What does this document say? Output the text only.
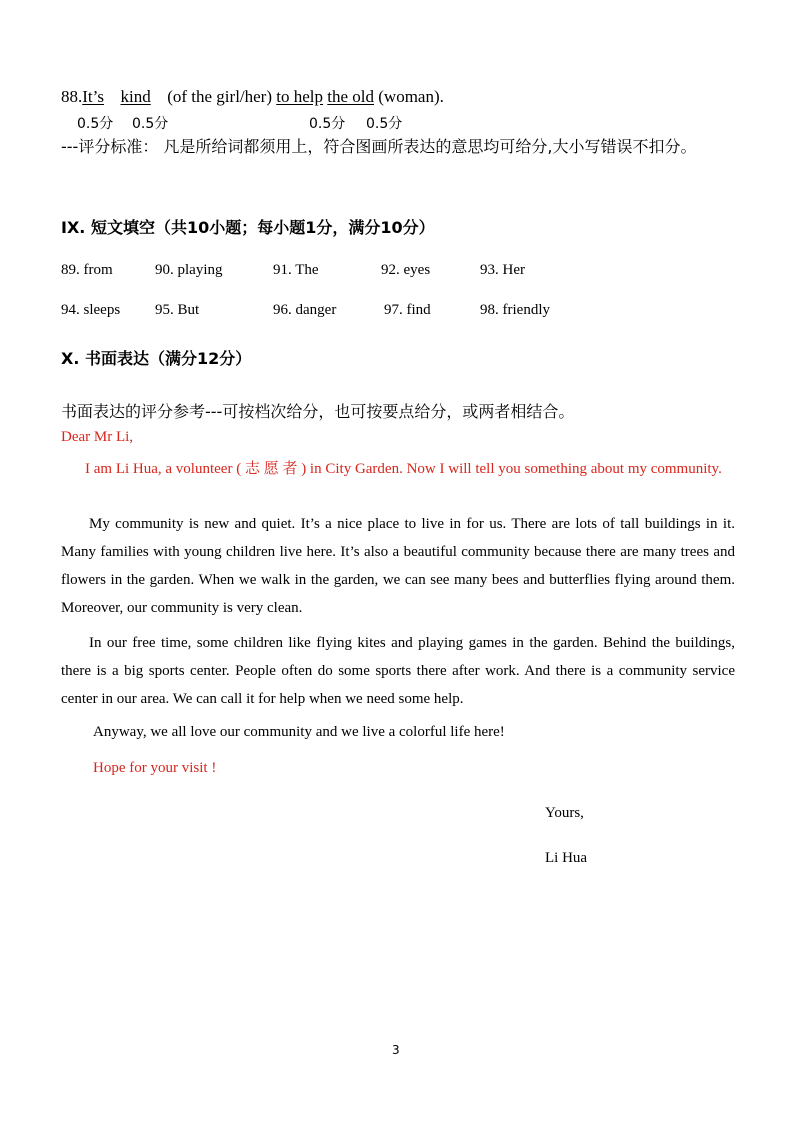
88.It’s kind (of the girl/her) to help the old (woman).
0.5分 0.5分	0.5分 0.5分
---评分标准： 凡是所给词都须用上，符合图画所表达的意思均可给分,大小写错误不扣分。
IX. 短文填空（共10小题；每小题1分，满分10分）
89. from	90. playing	91. The	92. eyes	93. Her
94. sleeps 95. But	96. danger	97. find	98. friendly
X. 书面表达（满分12分）
书面表达的评分参考---可按档次给分，也可按要点给分，或两者相结合。
Dear Mr Li,
I am Li Hua, a volunteer ( 志 愿 者 ) in City Garden. Now I will tell you something about my community.
My community is new and quiet. It’s a nice place to live in for us. There are lots of tall buildings in it. Many families with young children live here. It’s also a beautiful community because there are many trees and flowers in the garden. When we walk in the garden, we can see many bees and butterflies flying around them. Moreover, our community is very clean.
In our free time, some children like flying kites and playing games in the garden. Behind the buildings, there is a big sports center. People often do some sports there after work. And there is a community service center in our area. We can call it for help when we need some help.
Anyway, we all love our community and we live a colorful life here!
Hope for your visit !
Yours,
Li Hua
3
